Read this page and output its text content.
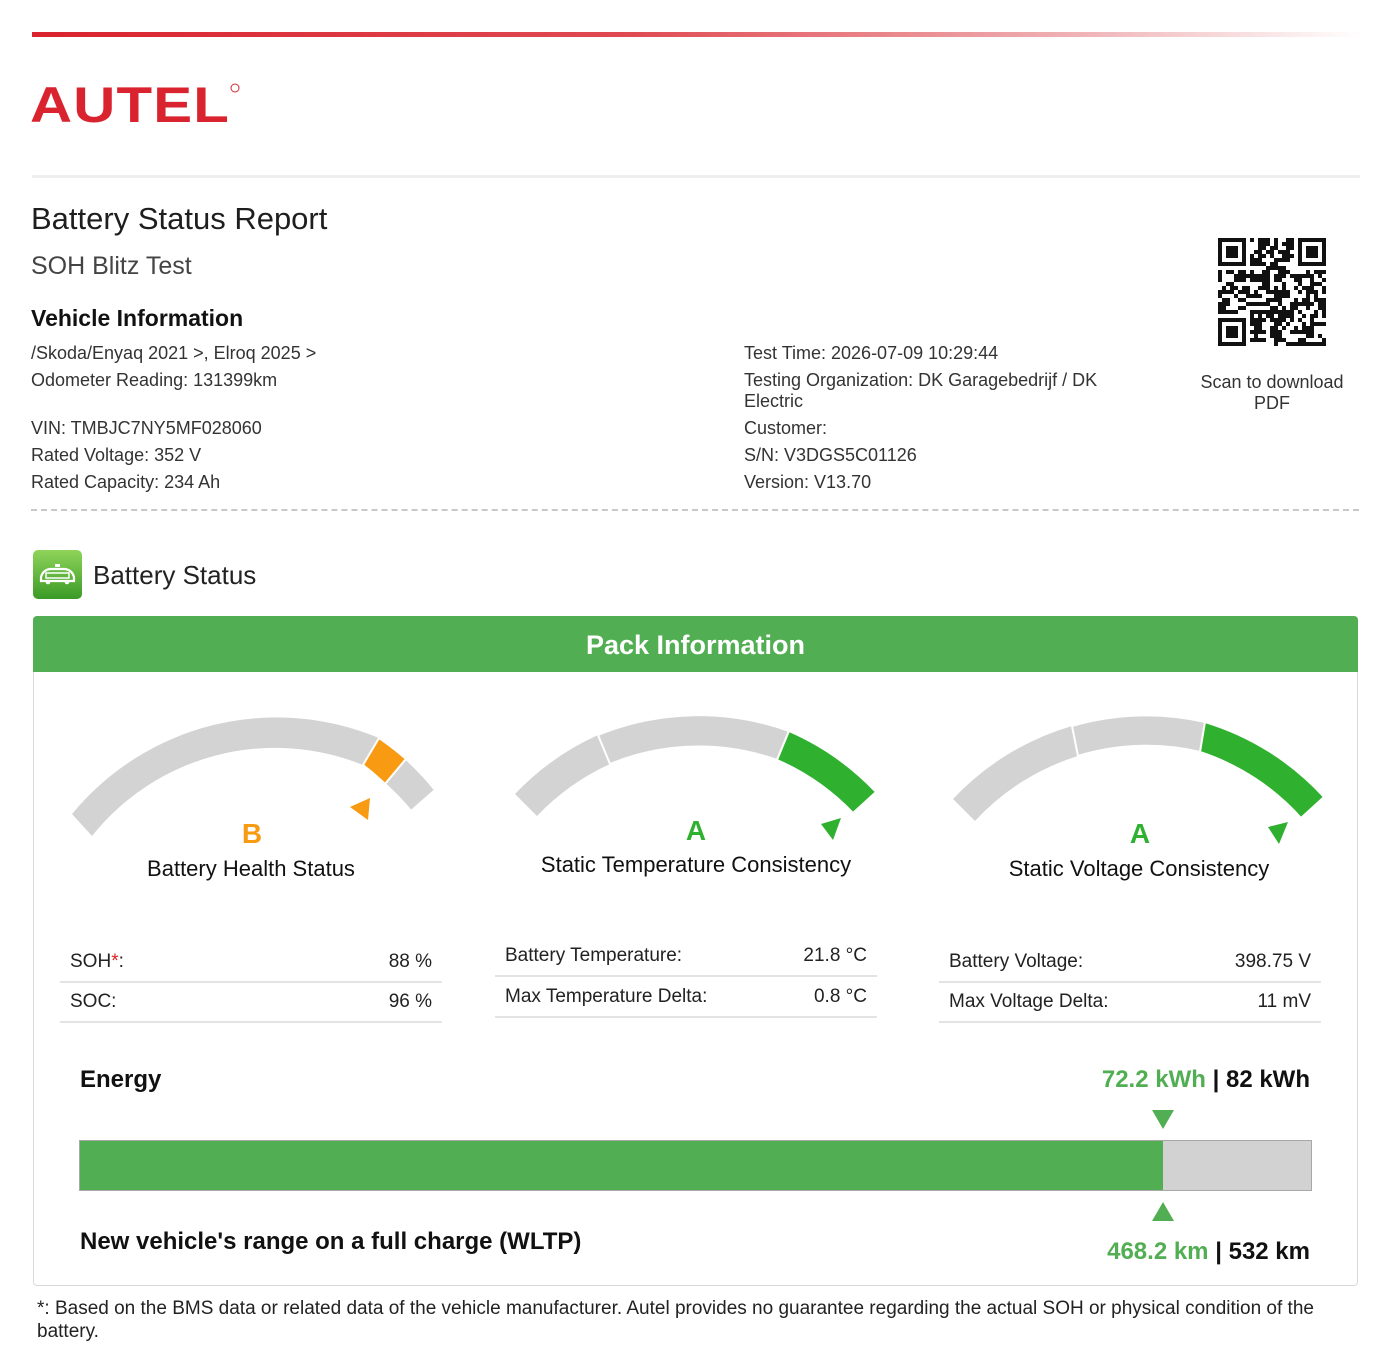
AUTEL
Battery Status Report
SOH Blitz Test
Vehicle Information
/Skoda/Enyaq 2021 >, Elroq 2025 >
Odometer Reading: 131399km
VIN: TMBJC7NY5MF028060
Rated Voltage: 352 V
Rated Capacity: 234 Ah
Test Time: 2026-07-09 10:29:44
Testing Organization: DK Garagebedrijf / DK Electric
Customer:
S/N: V3DGS5C01126
Version: V13.70
Scan to download PDF
Battery Status
Pack Information
B
Battery Health Status
A
Static Temperature Consistency
A
Static Voltage Consistency
SOH*:	88 %
SOC:	96 %
Battery Temperature:	21.8 °C
Max Temperature Delta:	0.8 °C
Battery Voltage:	398.75 V
Max Voltage Delta:	11 mV
Energy	72.2 kWh | 82 kWh
New vehicle's range on a full charge (WLTP)	468.2 km | 532 km
*: Based on the BMS data or related data of the vehicle manufacturer. Autel provides no guarantee regarding the actual SOH or physical condition of the battery.
